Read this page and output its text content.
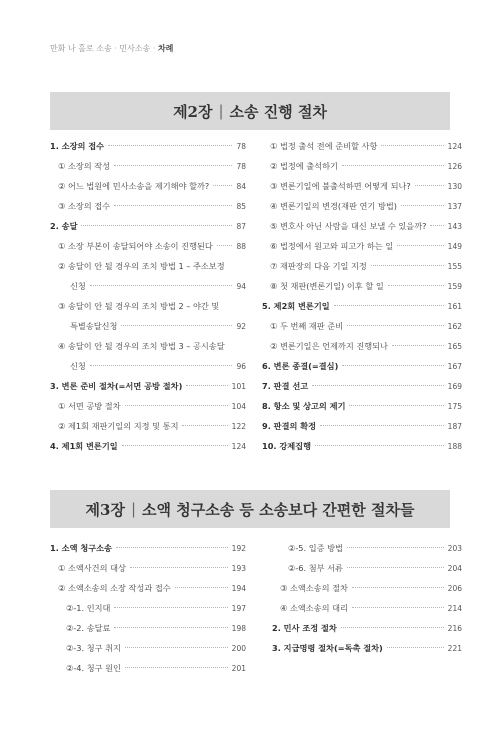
만화 나 홀로 소송 · 민사소송 · 차례
제2장 | 소송 진행 절차
1. 소장의 접수	78
① 소장의 작성	78
② 어느 법원에 민사소송을 제기해야 할까?	84
③ 소장의 접수	85
2. 송달	87
① 소장 부본이 송달되어야 소송이 진행된다	88
② 송달이 안 될 경우의 조치 방법 1 – 주소보정
신청	94
③ 송달이 안 될 경우의 조치 방법 2 – 야간 및
특별송달신청	92
④ 송달이 안 될 경우의 조치 방법 3 – 공시송달
신청	96
3. 변론 준비 절차(=서면 공방 절차)	101
① 서면 공방 절차	104
② 제1회 재판기일의 지정 및 통지	122
4. 제1회 변론기일	124
① 법정 출석 전에 준비할 사항	124
② 법정에 출석하기	126
③ 변론기일에 불출석하면 어떻게 되나?	130
④ 변론기일의 변경(재판 연기 방법)	137
⑤ 변호사 아닌 사람을 대신 보낼 수 있을까?	143
⑥ 법정에서 원고와 피고가 하는 일	149
⑦ 재판장의 다음 기일 지정	155
⑧ 첫 재판(변론기일) 이후 할 일	159
5. 제2회 변론기일	161
① 두 번째 재판 준비	162
② 변론기일은 언제까지 진행되나	165
6. 변론 종결(=결심)	167
7. 판결 선고	169
8. 항소 및 상고의 제기	175
9. 판결의 확정	187
10. 강제집행	188
제3장 | 소액 청구소송 등 소송보다 간편한 절차들
1. 소액 청구소송	192
① 소액사건의 대상	193
② 소액소송의 소장 작성과 접수	194
②-1. 인지대	197
②-2. 송달료	198
②-3. 청구 취지	200
②-4. 청구 원인	201
②-5. 입증 방법	203
②-6. 첨부 서류	204
③ 소액소송의 절차	206
④ 소액소송의 대리	214
2. 민사 조정 절차	216
3. 지급명령 절차(=독촉 절차)	221
